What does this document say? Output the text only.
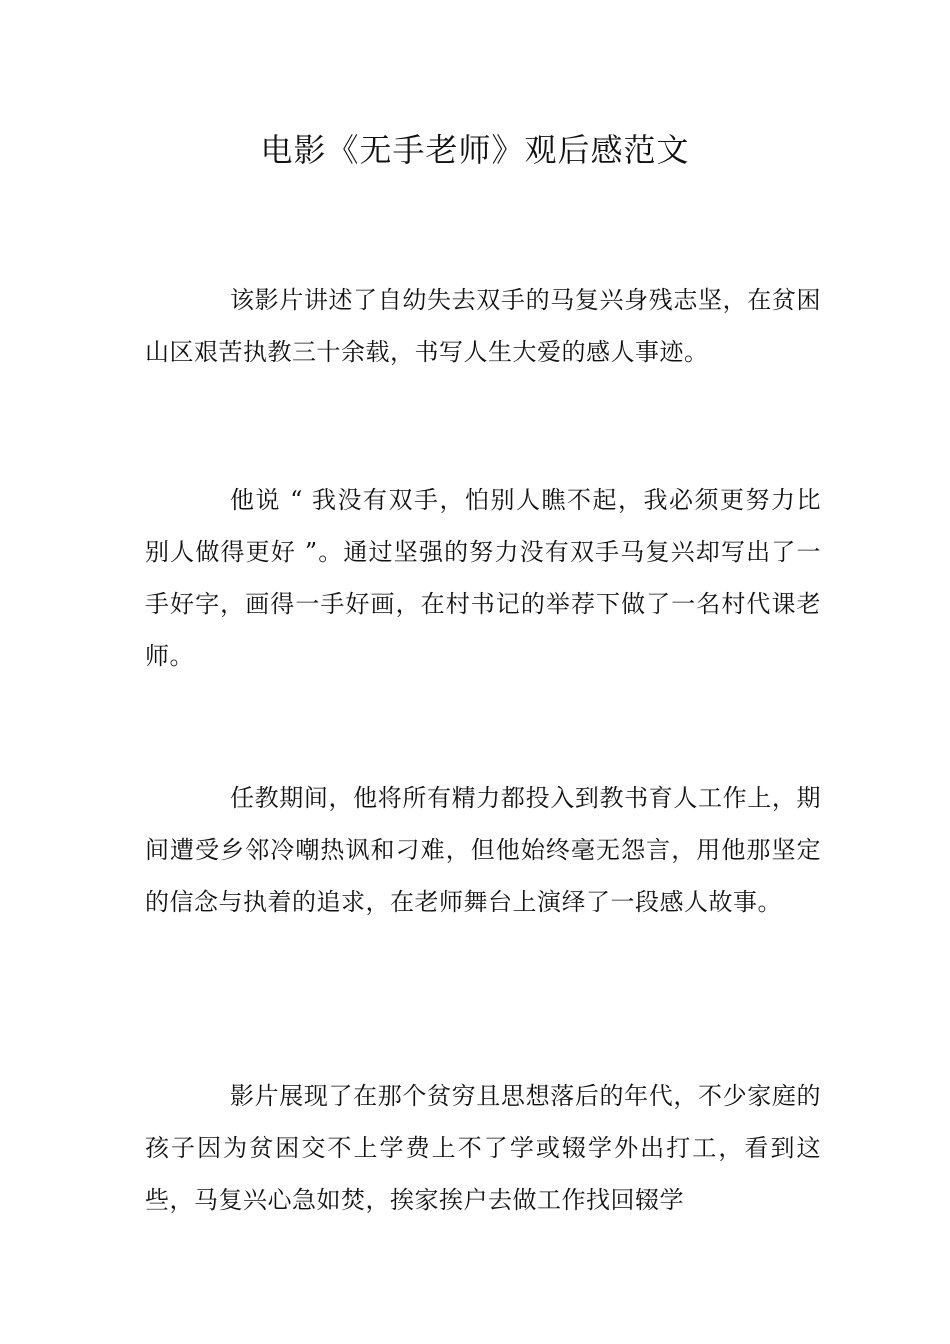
电影《无手老师》观后感范文

该影片讲述了自幼失去双手的马复兴身残志坚，在贫困山区艰苦执教三十余载，书写人生大爱的感人事迹。

他说 “ 我没有双手，怕别人瞧不起，我必须更努力比别人做得更好 ”。通过坚强的努力没有双手马复兴却写出了一手好字，画得一手好画，在村书记的举荐下做了一名村代课老师。

任教期间，他将所有精力都投入到教书育人工作上，期间遭受乡邻冷嘲热讽和刁难，但他始终毫无怨言，用他那坚定的信念与执着的追求，在老师舞台上演绎了一段感人故事。

影片展现了在那个贫穷且思想落后的年代，不少家庭的孩子因为贫困交不上学费上不了学或辍学外出打工，看到这些，马复兴心急如焚，挨家挨户去做工作找回辍学
